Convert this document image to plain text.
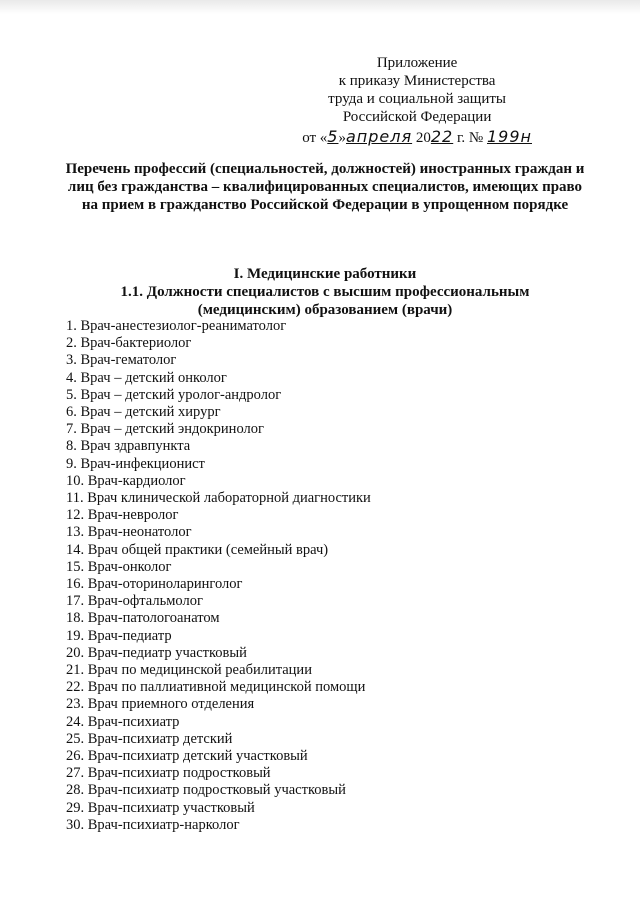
Приложение
к приказу Министерства
труда и социальной защиты
Российской Федерации
от «5»апреля 2022 г. № 199н
Перечень профессий (специальностей, должностей) иностранных граждан и лиц без гражданства – квалифицированных специалистов, имеющих право на прием в гражданство Российской Федерации в упрощенном порядке
I. Медицинские работники
1.1. Должности специалистов с высшим профессиональным (медицинским) образованием (врачи)
1. Врач-анестезиолог-реаниматолог
2. Врач-бактериолог
3. Врач-гематолог
4. Врач – детский онколог
5. Врач – детский уролог-андролог
6. Врач – детский хирург
7. Врач – детский эндокринолог
8. Врач здравпункта
9. Врач-инфекционист
10. Врач-кардиолог
11. Врач клинической лабораторной диагностики
12. Врач-невролог
13. Врач-неонатолог
14. Врач общей практики (семейный врач)
15. Врач-онколог
16. Врач-оториноларинголог
17. Врач-офтальмолог
18. Врач-патологоанатом
19. Врач-педиатр
20. Врач-педиатр участковый
21. Врач по медицинской реабилитации
22. Врач по паллиативной медицинской помощи
23. Врач приемного отделения
24. Врач-психиатр
25. Врач-психиатр детский
26. Врач-психиатр детский участковый
27. Врач-психиатр подростковый
28. Врач-психиатр подростковый участковый
29. Врач-психиатр участковый
30. Врач-психиатр-нарколог
